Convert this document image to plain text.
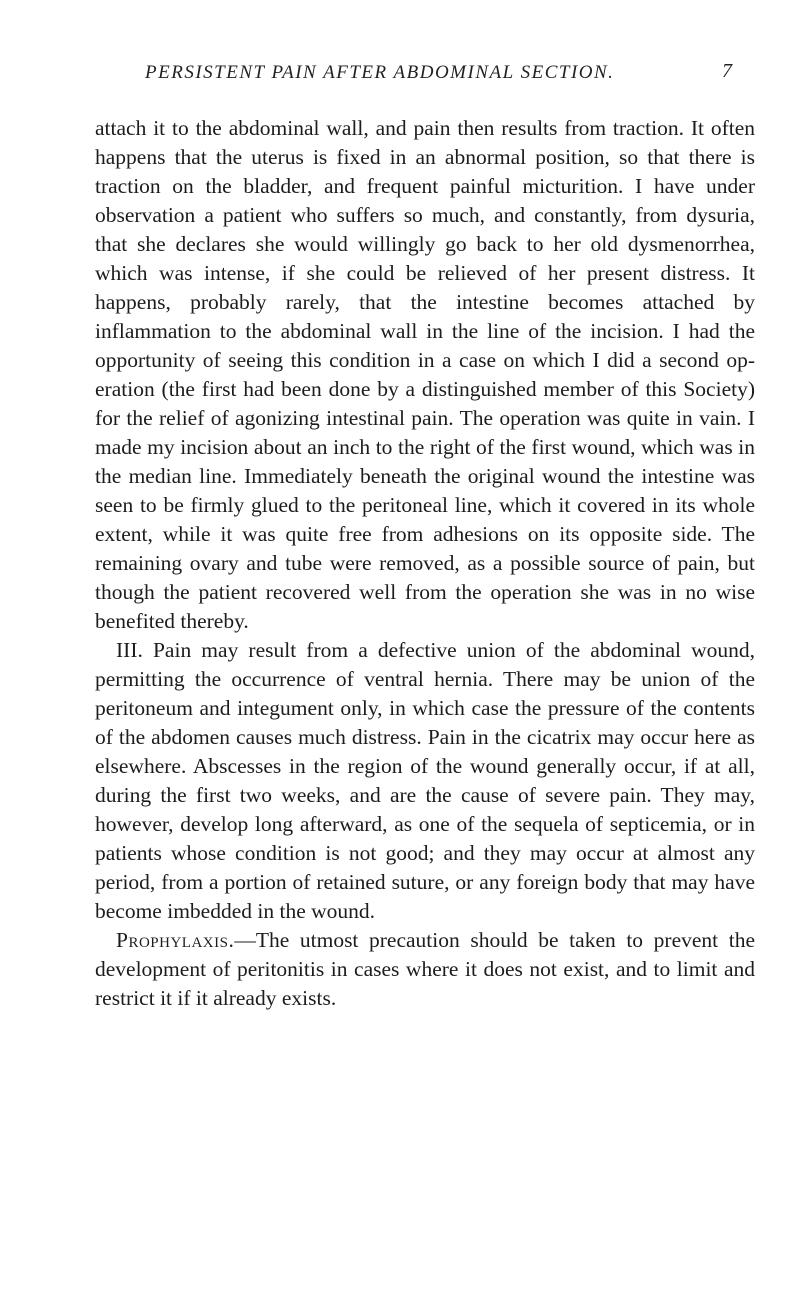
PERSISTENT PAIN AFTER ABDOMINAL SECTION.	7

attach it to the abdominal wall, and pain then results from traction. It often happens that the uterus is fixed in an abnormal position, so that there is traction on the bladder, and frequent painful micturition. I have under observation a patient who suffers so much, and constantly, from dysuria, that she declares she would willingly go back to her old dysmenorrhea, which was intense, if she could be relieved of her present distress. It happens, probably rarely, that the intestine becomes attached by inflammation to the abdominal wall in the line of the incision. I had the opportunity of seeing this condition in a case on which I did a second operation (the first had been done by a distinguished member of this Society) for the relief of agonizing intestinal pain. The operation was quite in vain. I made my incision about an inch to the right of the first wound, which was in the median line. Immediately beneath the original wound the intestine was seen to be firmly glued to the peritoneal line, which it covered in its whole extent, while it was quite free from adhesions on its opposite side. The remaining ovary and tube were removed, as a possible source of pain, but though the patient recovered well from the operation she was in no wise benefited thereby.

III. Pain may result from a defective union of the abdominal wound, permitting the occurrence of ventral hernia. There may be union of the peritoneum and integument only, in which case the pressure of the contents of the abdomen causes much distress. Pain in the cicatrix may occur here as elsewhere. Abscesses in the region of the wound generally occur, if at all, during the first two weeks, and are the cause of severe pain. They may, however, develop long afterward, as one of the sequela of septicemia, or in patients whose condition is not good; and they may occur at almost any period, from a portion of retained suture, or any foreign body that may have become imbedded in the wound.

Prophylaxis.—The utmost precaution should be taken to prevent the development of peritonitis in cases where it does not exist, and to limit and restrict it if it already exists.
